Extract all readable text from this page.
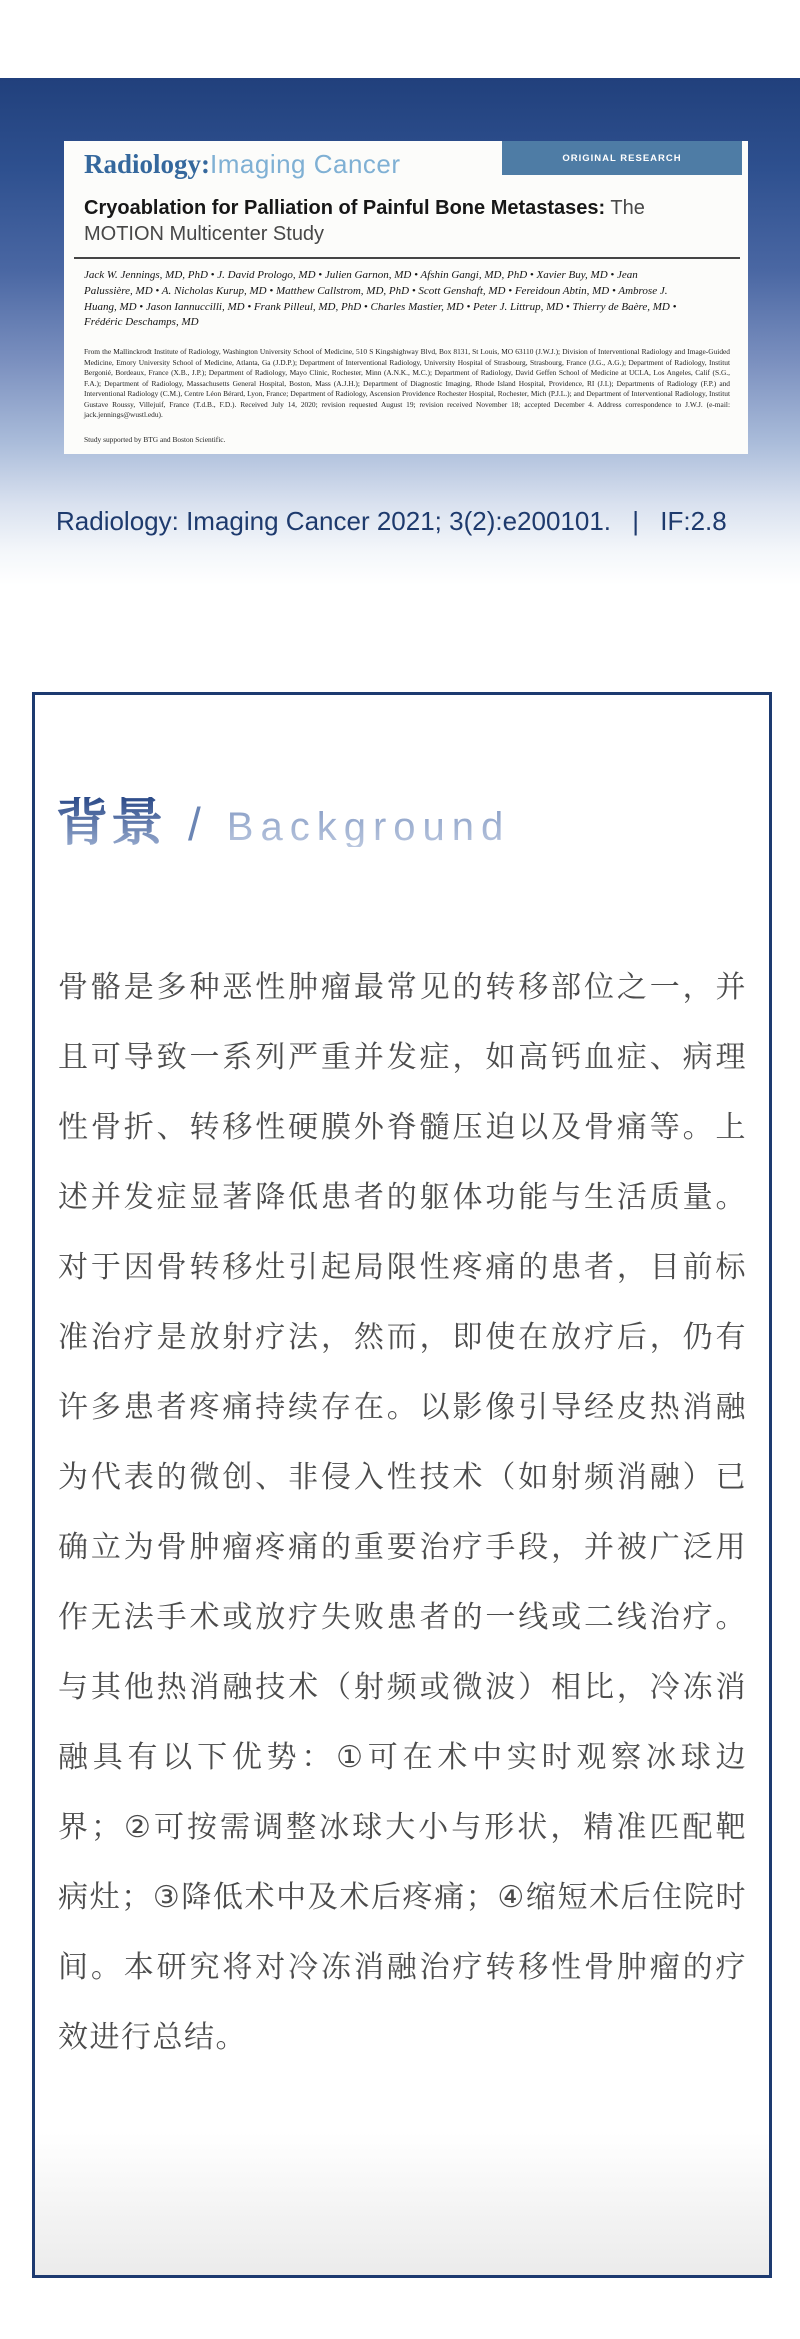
Radiology:Imaging Cancer	ORIGINAL RESEARCH
Cryoablation for Palliation of Painful Bone Metastases: The MOTION Multicenter Study
Jack W. Jennings, MD, PhD • J. David Prologo, MD • Julien Garnon, MD • Afshin Gangi, MD, PhD • Xavier Buy, MD • Jean Palussière, MD • A. Nicholas Kurup, MD • Matthew Callstrom, MD, PhD • Scott Genshaft, MD • Fereidoun Abtin, MD • Ambrose J. Huang, MD • Jason Iannuccilli, MD • Frank Pilleul, MD, PhD • Charles Mastier, MD • Peter J. Littrup, MD • Thierry de Baère, MD • Frédéric Deschamps, MD
From the Mallinckrodt Institute of Radiology, Washington University School of Medicine, 510 S Kingshighway Blvd, Box 8131, St Louis, MO 63110 (J.W.J.); Division of Interventional Radiology and Image-Guided Medicine, Emory University School of Medicine, Atlanta, Ga (J.D.P.); Department of Interventional Radiology, University Hospital of Strasbourg, Strasbourg, France (J.G., A.G.); Department of Radiology, Institut Bergonié, Bordeaux, France (X.B., J.P.); Department of Radiology, Mayo Clinic, Rochester, Minn (A.N.K., M.C.); Department of Radiology, David Geffen School of Medicine at UCLA, Los Angeles, Calif (S.G., F.A.); Department of Radiology, Massachusetts General Hospital, Boston, Mass (A.J.H.); Department of Diagnostic Imaging, Rhode Island Hospital, Providence, RI (J.I.); Departments of Radiology (F.P.) and Interventional Radiology (C.M.), Centre Léon Bérard, Lyon, France; Department of Radiology, Ascension Providence Rochester Hospital, Rochester, Mich (P.J.L.); and Department of Interventional Radiology, Institut Gustave Roussy, Villejuif, France (T.d.B., F.D.). Received July 14, 2020; revision requested August 19; revision received November 18; accepted December 4. Address correspondence to J.W.J. (e-mail: jack.jennings@wustl.edu).
Study supported by BTG and Boston Scientific.
Radiology: Imaging Cancer 2021; 3(2):e200101. | IF:2.8
背景 / Background
骨骼是多种恶性肿瘤最常见的转移部位之一，并且可导致一系列严重并发症，如高钙血症、病理性骨折、转移性硬膜外脊髓压迫以及骨痛等。上述并发症显著降低患者的躯体功能与生活质量。对于因骨转移灶引起局限性疼痛的患者，目前标准治疗是放射疗法，然而，即使在放疗后，仍有许多患者疼痛持续存在。以影像引导经皮热消融为代表的微创、非侵入性技术（如射频消融）已确立为骨肿瘤疼痛的重要治疗手段，并被广泛用作无法手术或放疗失败患者的一线或二线治疗。与其他热消融技术（射频或微波）相比，冷冻消融具有以下优势：①可在术中实时观察冰球边界；②可按需调整冰球大小与形状，精准匹配靶病灶；③降低术中及术后疼痛；④缩短术后住院时间。本研究将对冷冻消融治疗转移性骨肿瘤的疗效进行总结。
